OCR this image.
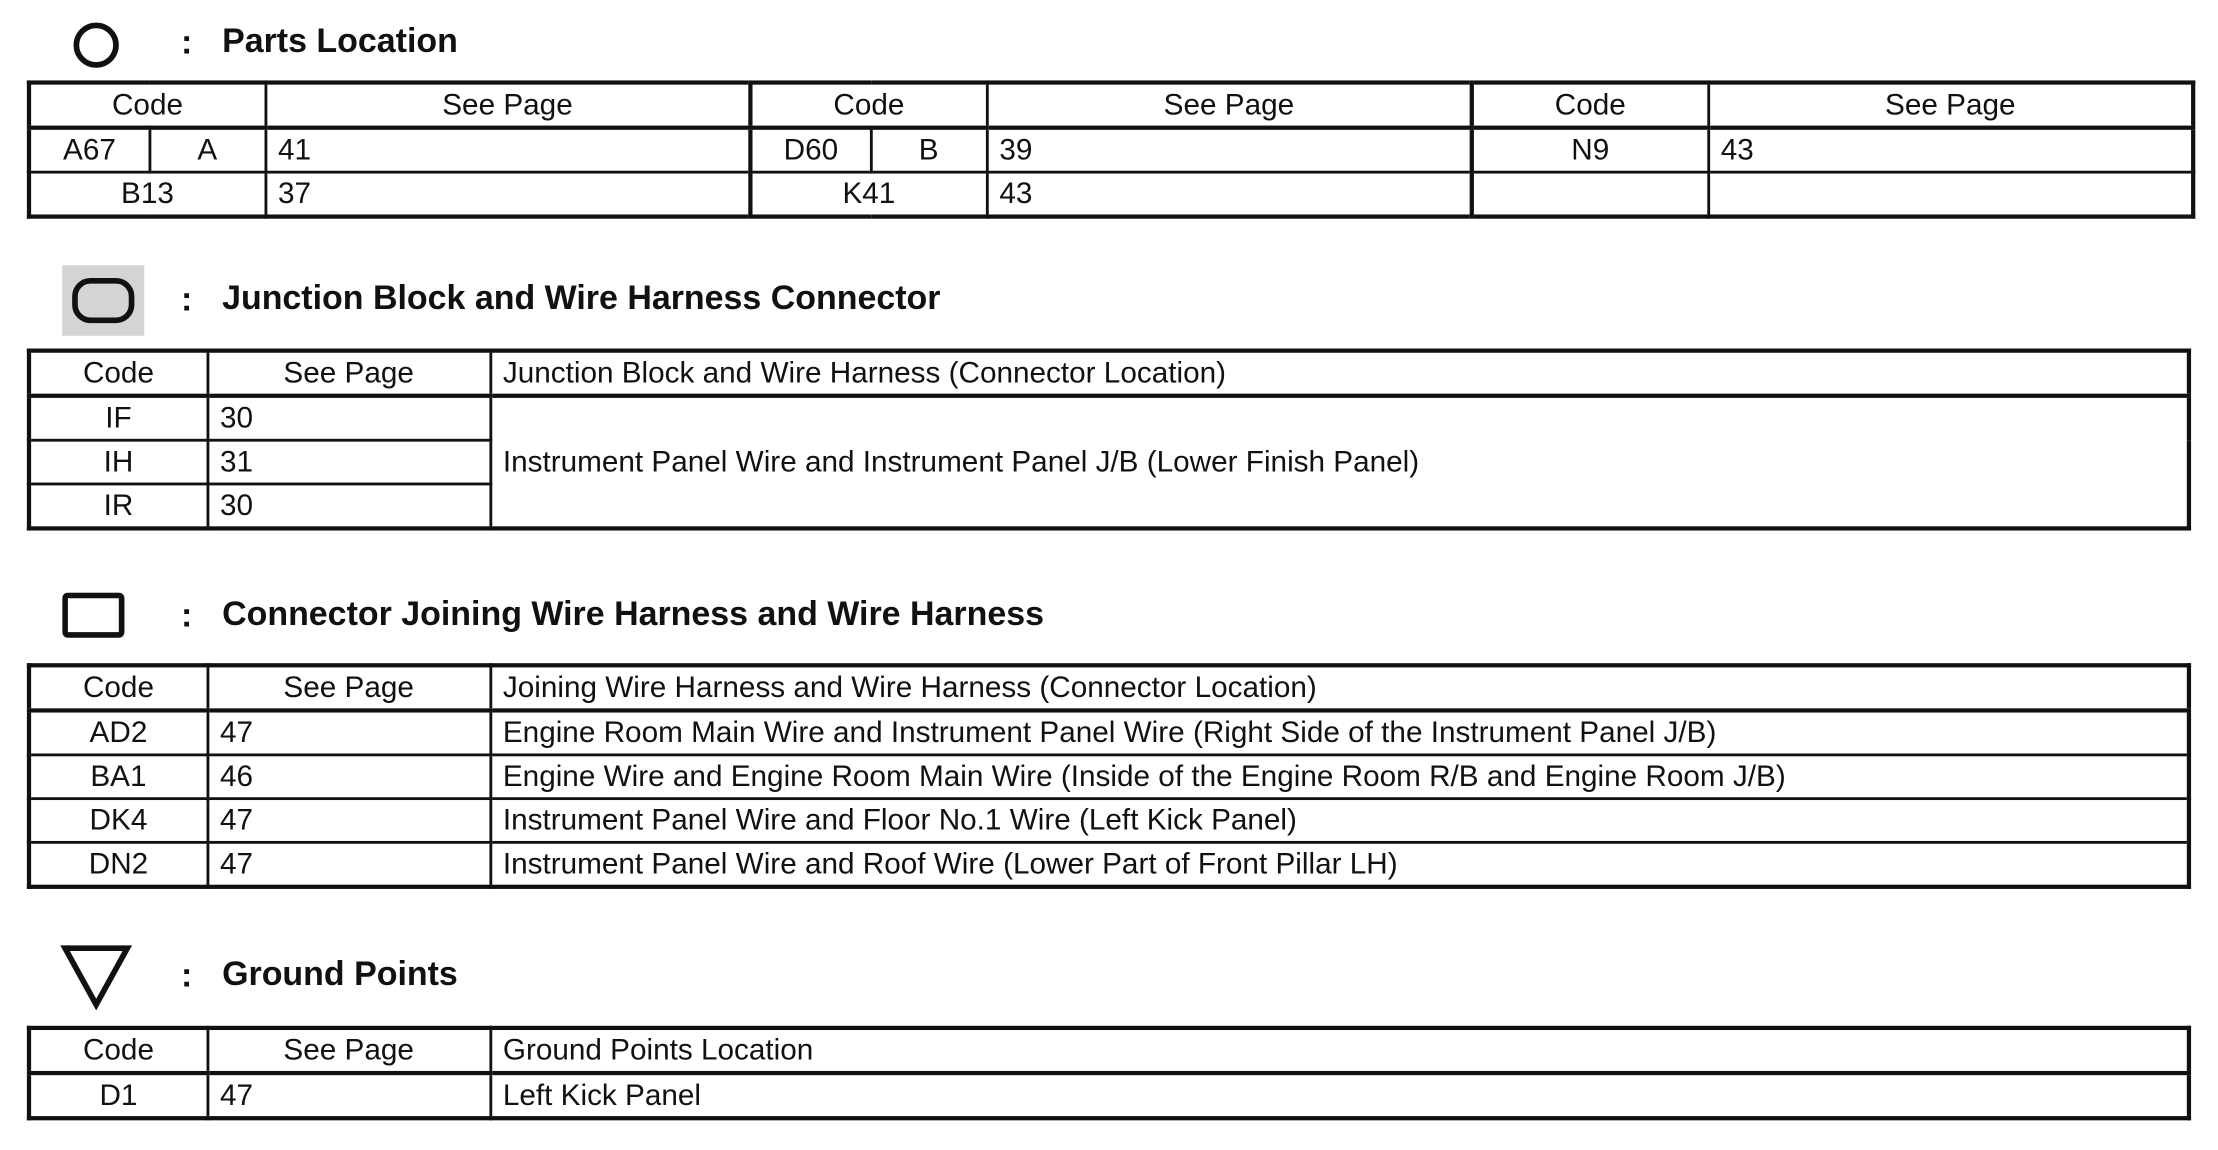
: Parts Location
Code		See Page	Code		See Page	Code	See Page
A67	A	41	D60	B	39	N9	43
B13		37	K41		43		
: Junction Block and Wire Harness Connector
Code	See Page	Junction Block and Wire Harness (Connector Location)
IF	30	Instrument Panel Wire and Instrument Panel J/B (Lower Finish Panel)
IH	31	
IR	30	
: Connector Joining Wire Harness and Wire Harness
Code	See Page	Joining Wire Harness and Wire Harness (Connector Location)
AD2	47	Engine Room Main Wire and Instrument Panel Wire (Right Side of the Instrument Panel J/B)
BA1	46	Engine Wire and Engine Room Main Wire (Inside of the Engine Room R/B and Engine Room J/B)
DK4	47	Instrument Panel Wire and Floor No.1 Wire (Left Kick Panel)
DN2	47	Instrument Panel Wire and Roof Wire (Lower Part of Front Pillar LH)
: Ground Points
Code	See Page	Ground Points Location
D1	47	Left Kick Panel
